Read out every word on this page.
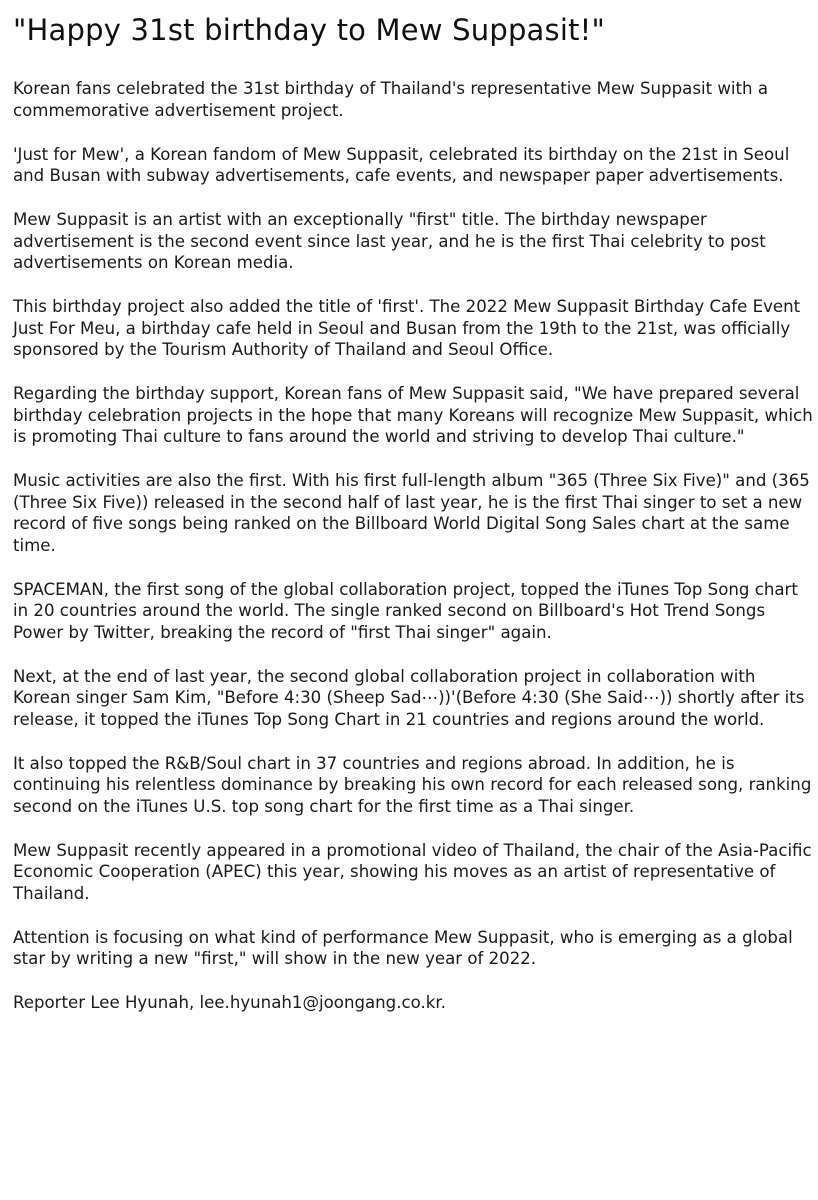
"Happy 31st birthday to Mew Suppasit!"

Korean fans celebrated the 31st birthday of Thailand's representative Mew Suppasit with a commemorative advertisement project.

'Just for Mew', a Korean fandom of Mew Suppasit, celebrated its birthday on the 21st in Seoul and Busan with subway advertisements, cafe events, and newspaper paper advertisements.

Mew Suppasit is an artist with an exceptionally "first" title. The birthday newspaper advertisement is the second event since last year, and he is the first Thai celebrity to post advertisements on Korean media.

This birthday project also added the title of 'first'. The 2022 Mew Suppasit Birthday Cafe Event Just For Meu, a birthday cafe held in Seoul and Busan from the 19th to the 21st, was officially sponsored by the Tourism Authority of Thailand and Seoul Office.

Regarding the birthday support, Korean fans of Mew Suppasit said, "We have prepared several birthday celebration projects in the hope that many Koreans will recognize Mew Suppasit, which is promoting Thai culture to fans around the world and striving to develop Thai culture."

Music activities are also the first. With his first full-length album "365 (Three Six Five)" and (365 (Three Six Five)) released in the second half of last year, he is the first Thai singer to set a new record of five songs being ranked on the Billboard World Digital Song Sales chart at the same time.

SPACEMAN, the first song of the global collaboration project, topped the iTunes Top Song chart in 20 countries around the world. The single ranked second on Billboard's Hot Trend Songs Power by Twitter, breaking the record of "first Thai singer" again.

Next, at the end of last year, the second global collaboration project in collaboration with Korean singer Sam Kim, "Before 4:30 (Sheep Sad⋯))'(Before 4:30 (She Said⋯)) shortly after its release, it topped the iTunes Top Song Chart in 21 countries and regions around the world.

It also topped the R&B/Soul chart in 37 countries and regions abroad. In addition, he is continuing his relentless dominance by breaking his own record for each released song, ranking second on the iTunes U.S. top song chart for the first time as a Thai singer.

Mew Suppasit recently appeared in a promotional video of Thailand, the chair of the Asia-Pacific Economic Cooperation (APEC) this year, showing his moves as an artist of representative of Thailand.

Attention is focusing on what kind of performance Mew Suppasit, who is emerging as a global star by writing a new "first," will show in the new year of 2022.

Reporter Lee Hyunah, lee.hyunah1@joongang.co.kr.
